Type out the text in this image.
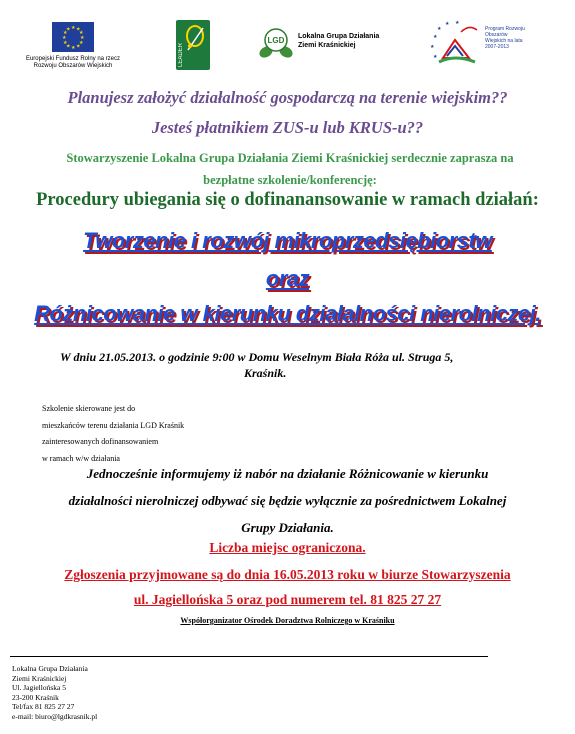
★ ★
★
★
★
★
★
★
★
★
★
★
Europejski Fundusz Rolny na rzecz Rozwoju Obszarów Wiejskich	LEADER
LGD Lokalna Grupa Działania
Ziemi Kraśnickiej
★
★
★ ★
★
★
Program Rozwoju Obszarów Wiejskich na lata 2007-2013
Planujesz założyć działalność gospodarczą na terenie wiejskim??
Jesteś płatnikiem ZUS-u lub KRUS-u??
Stowarzyszenie Lokalna Grupa Działania Ziemi Kraśnickiej serdecznie zaprasza na
bezpłatne szkolenie/konferencję:
Procedury ubiegania się o dofinanansowanie w ramach działań:
Tworzenie i rozwój mikroprzedsiębiorstw
oraz
Różnicowanie w kierunku działalności nierolniczej.
W dniu 21.05.2013. o godzinie 9:00 w Domu Weselnym Biała Róża ul. Struga 5,
Kraśnik.
Szkolenie skierowane jest do
mieszkańców terenu działania LGD Kraśnik
zainteresowanych dofinansowaniem
w ramach w/w działania
Jednocześnie informujemy iż nabór na działanie Różnicowanie w kierunku
działalności nierolniczej odbywać się będzie wyłącznie za pośrednictwem Lokalnej
Grupy Działania.
Liczba miejsc ograniczona.
Zgłoszenia przyjmowane są do dnia 16.05.2013 roku w biurze Stowarzyszenia
ul. Jagiellońska 5 oraz pod numerem tel. 81 825 27 27
Współorganizator Ośrodek Doradztwa Rolniczego w Kraśniku
Lokalna Grupa Działania
Ziemi Kraśnickiej
Ul. Jagiellońska 5
23-200 Kraśnik
Tel/fax 81 825 27 27
e-mail: biuro@lgdkrasnik.pl
